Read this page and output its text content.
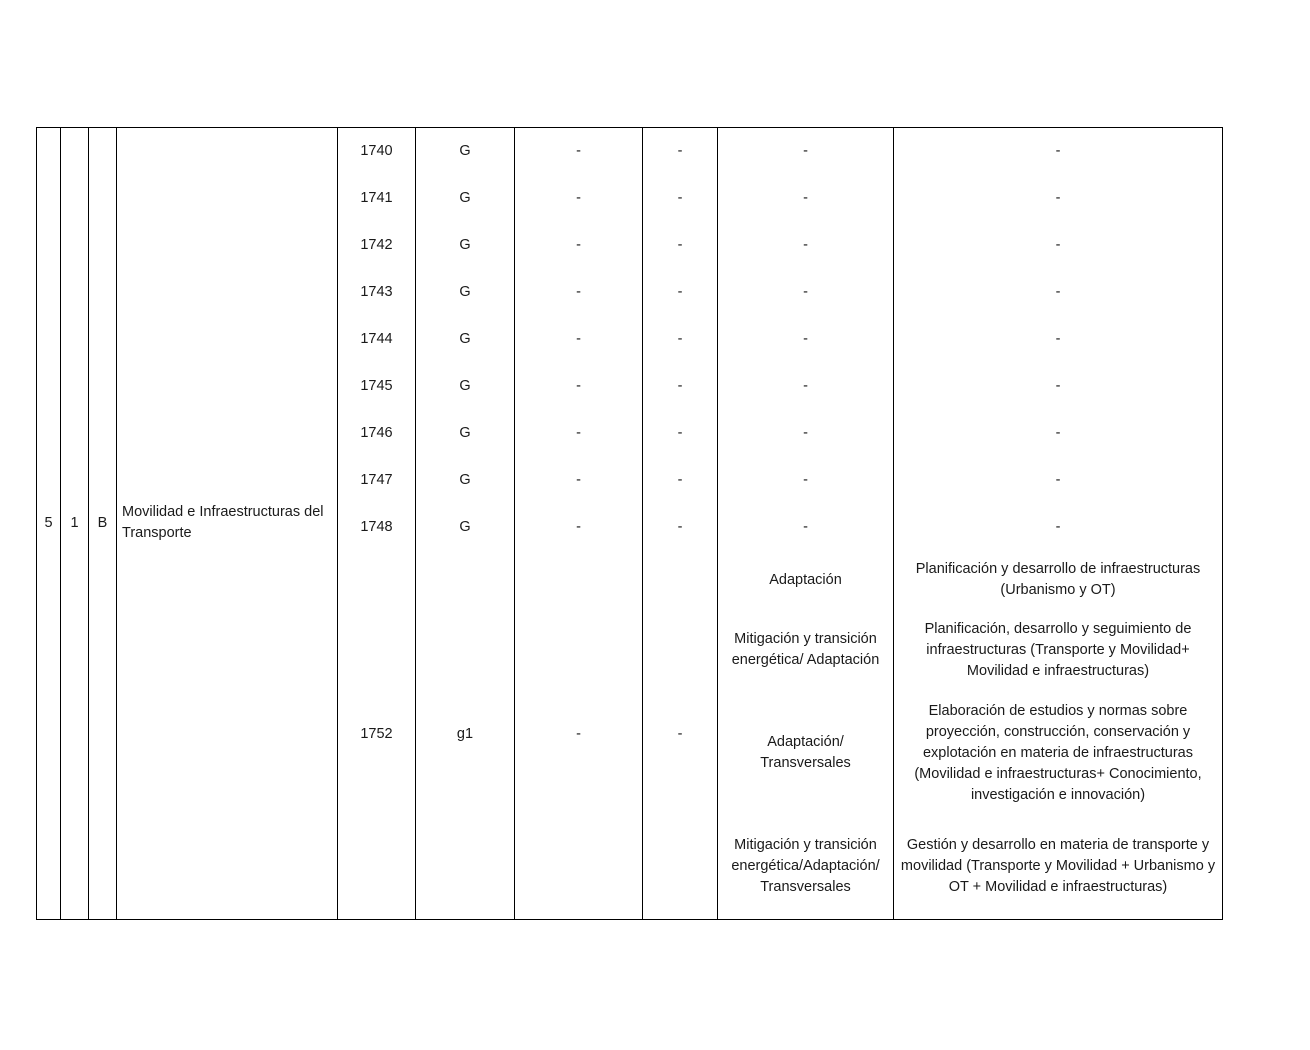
5	1	B	Movilidad e Infraestructuras del Transporte	1740	G	-	-	-	-
				1741	G	-	-	-	-
				1742	G	-	-	-	-
				1743	G	-	-	-	-
				1744	G	-	-	-	-
				1745	G	-	-	-	-
				1746	G	-	-	-	-
				1747	G	-	-	-	-
				1748	G	-	-	-	-
				1752	g1	-	-	Adaptación	Planificación y desarrollo de infraestructuras (Urbanismo y OT)
								Mitigación y transición energética/ Adaptación	Planificación, desarrollo y seguimiento de infraestructuras (Transporte y Movilidad+ Movilidad e infraestructuras)
								Adaptación/ Transversales	Elaboración de estudios y normas sobre proyección, construcción, conservación y explotación en materia de infraestructuras (Movilidad e infraestructuras+ Conocimiento, investigación e innovación)
								Mitigación y transición energética/Adaptación/ Transversales	Gestión y desarrollo en materia de transporte y movilidad (Transporte y Movilidad + Urbanismo y OT + Movilidad e infraestructuras)
